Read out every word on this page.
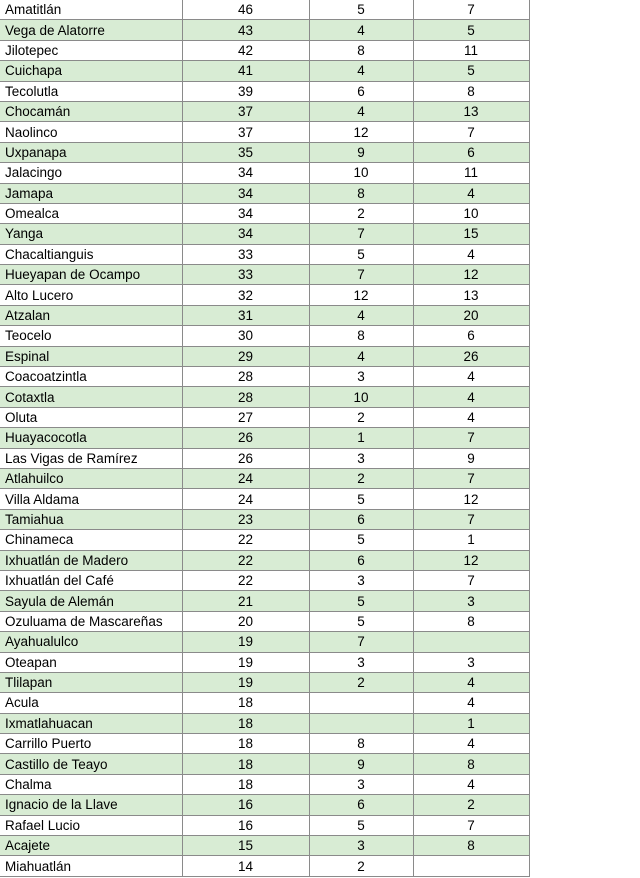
Amatitlán	46	5	7
Vega de Alatorre	43	4	5
Jilotepec	42	8	11
Cuichapa	41	4	5
Tecolutla	39	6	8
Chocamán	37	4	13
Naolinco	37	12	7
Uxpanapa	35	9	6
Jalacingo	34	10	11
Jamapa	34	8	4
Omealca	34	2	10
Yanga	34	7	15
Chacaltianguis	33	5	4
Hueyapan de Ocampo	33	7	12
Alto Lucero	32	12	13
Atzalan	31	4	20
Teocelo	30	8	6
Espinal	29	4	26
Coacoatzintla	28	3	4
Cotaxtla	28	10	4
Oluta	27	2	4
Huayacocotla	26	1	7
Las Vigas de Ramírez	26	3	9
Atlahuilco	24	2	7
Villa Aldama	24	5	12
Tamiahua	23	6	7
Chinameca	22	5	1
Ixhuatlán de Madero	22	6	12
Ixhuatlán del Café	22	3	7
Sayula de Alemán	21	5	3
Ozuluama de Mascareñas	20	5	8
Ayahualulco	19	7	
Oteapan	19	3	3
Tlilapan	19	2	4
Acula	18		4
Ixmatlahuacan	18		1
Carrillo Puerto	18	8	4
Castillo de Teayo	18	9	8
Chalma	18	3	4
Ignacio de la Llave	16	6	2
Rafael Lucio	16	5	7
Acajete	15	3	8
Miahuatlán	14	2	
